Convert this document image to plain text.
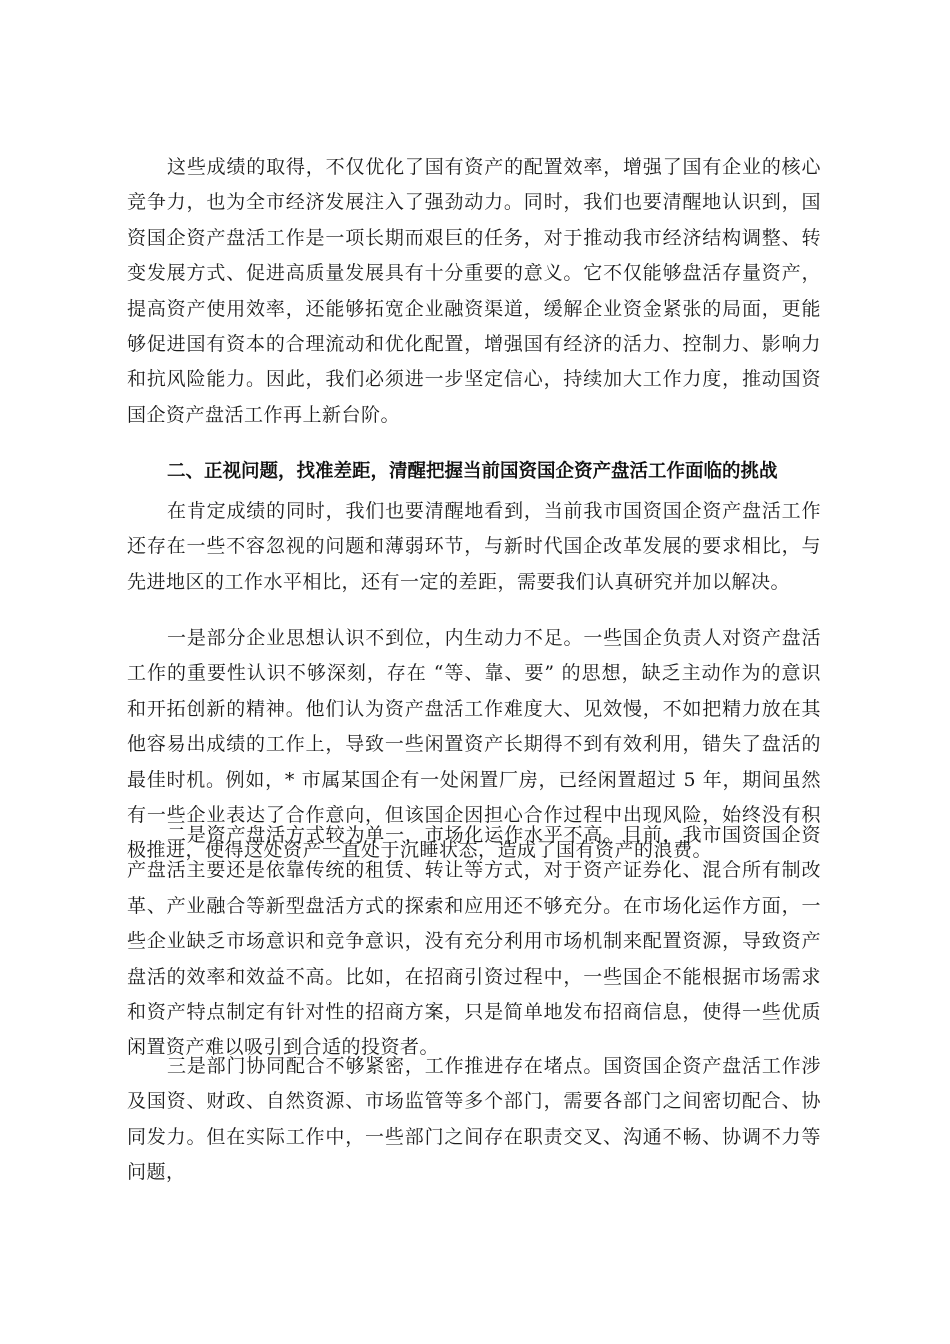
这些成绩的取得，不仅优化了国有资产的配置效率，增强了国有企业的核心竞争力，也为全市经济发展注入了强劲动力。同时，我们也要清醒地认识到，国资国企资产盘活工作是一项长期而艰巨的任务，对于推动我市经济结构调整、转变发展方式、促进高质量发展具有十分重要的意义。它不仅能够盘活存量资产，提高资产使用效率，还能够拓宽企业融资渠道，缓解企业资金紧张的局面，更能够促进国有资本的合理流动和优化配置，增强国有经济的活力、控制力、影响力和抗风险能力。因此，我们必须进一步坚定信心，持续加大工作力度，推动国资国企资产盘活工作再上新台阶。

二、正视问题，找准差距，清醒把握当前国资国企资产盘活工作面临的挑战

在肯定成绩的同时，我们也要清醒地看到，当前我市国资国企资产盘活工作还存在一些不容忽视的问题和薄弱环节，与新时代国企改革发展的要求相比，与先进地区的工作水平相比，还有一定的差距，需要我们认真研究并加以解决。

一是部分企业思想认识不到位，内生动力不足。一些国企负责人对资产盘活工作的重要性认识不够深刻，存在 “等、靠、要” 的思想，缺乏主动作为的意识和开拓创新的精神。他们认为资产盘活工作难度大、见效慢，不如把精力放在其他容易出成绩的工作上，导致一些闲置资产长期得不到有效利用，错失了盘活的最佳时机。例如，* 市属某国企有一处闲置厂房，已经闲置超过 5 年，期间虽然有一些企业表达了合作意向，但该国企因担心合作过程中出现风险，始终没有积极推进，使得这处资产一直处于沉睡状态，造成了国有资产的浪费。

二是资产盘活方式较为单一，市场化运作水平不高。目前，我市国资国企资产盘活主要还是依靠传统的租赁、转让等方式，对于资产证券化、混合所有制改革、产业融合等新型盘活方式的探索和应用还不够充分。在市场化运作方面，一些企业缺乏市场意识和竞争意识，没有充分利用市场机制来配置资源，导致资产盘活的效率和效益不高。比如，在招商引资过程中，一些国企不能根据市场需求和资产特点制定有针对性的招商方案，只是简单地发布招商信息，使得一些优质闲置资产难以吸引到合适的投资者。

三是部门协同配合不够紧密，工作推进存在堵点。国资国企资产盘活工作涉及国资、财政、自然资源、市场监管等多个部门，需要各部门之间密切配合、协同发力。但在实际工作中，一些部门之间存在职责交叉、沟通不畅、协调不力等问题，
